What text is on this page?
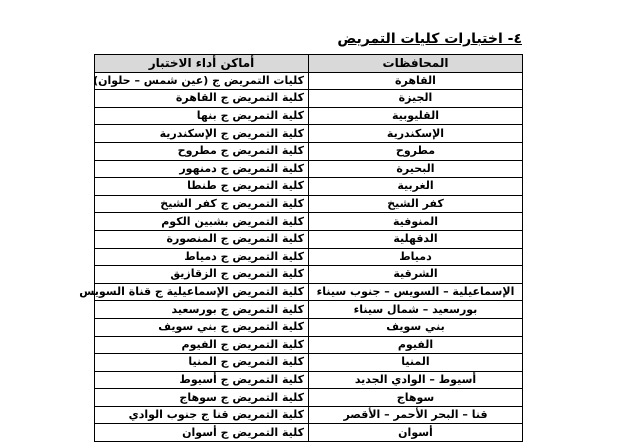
٤- اختبارات كليات التمريض
المحافظات	أماكن أداء الاختبار
القاهرة	كليات التمريض ج (عين شمس – حلوان)
الجيزة	كلية التمريض ج القاهرة
القليوبية	كلية التمريض ج بنها
الإسكندرية	كلية التمريض ج الإسكندرية
مطروح	كلية التمريض ج مطروح
البحيرة	كلية التمريض ج دمنهور
الغربية	كلية التمريض ج طنطا
كفر الشيخ	كلية التمريض ج كفر الشيخ
المنوفية	كلية التمريض بشبين الكوم
الدقهلية	كلية التمريض ج المنصورة
دمياط	كلية التمريض ج دمياط
الشرقية	كلية التمريض ج الزقازيق
الإسماعيلية – السويس – جنوب سيناء	كلية التمريض الإسماعيلية ج قناة السويس
بورسعيد – شمال سيناء	كلية التمريض ج بورسعيد
بني سويف	كلية التمريض ج بني سويف
الفيوم	كلية التمريض ج الفيوم
المنيا	كلية التمريض ج المنيا
أسيوط – الوادي الجديد	كلية التمريض ج أسيوط
سوهاج	كلية التمريض ج سوهاج
قنا – البحر الأحمر – الأقصر	كلية التمريض قنا ج جنوب الوادي
أسوان	كلية التمريض ج أسوان
